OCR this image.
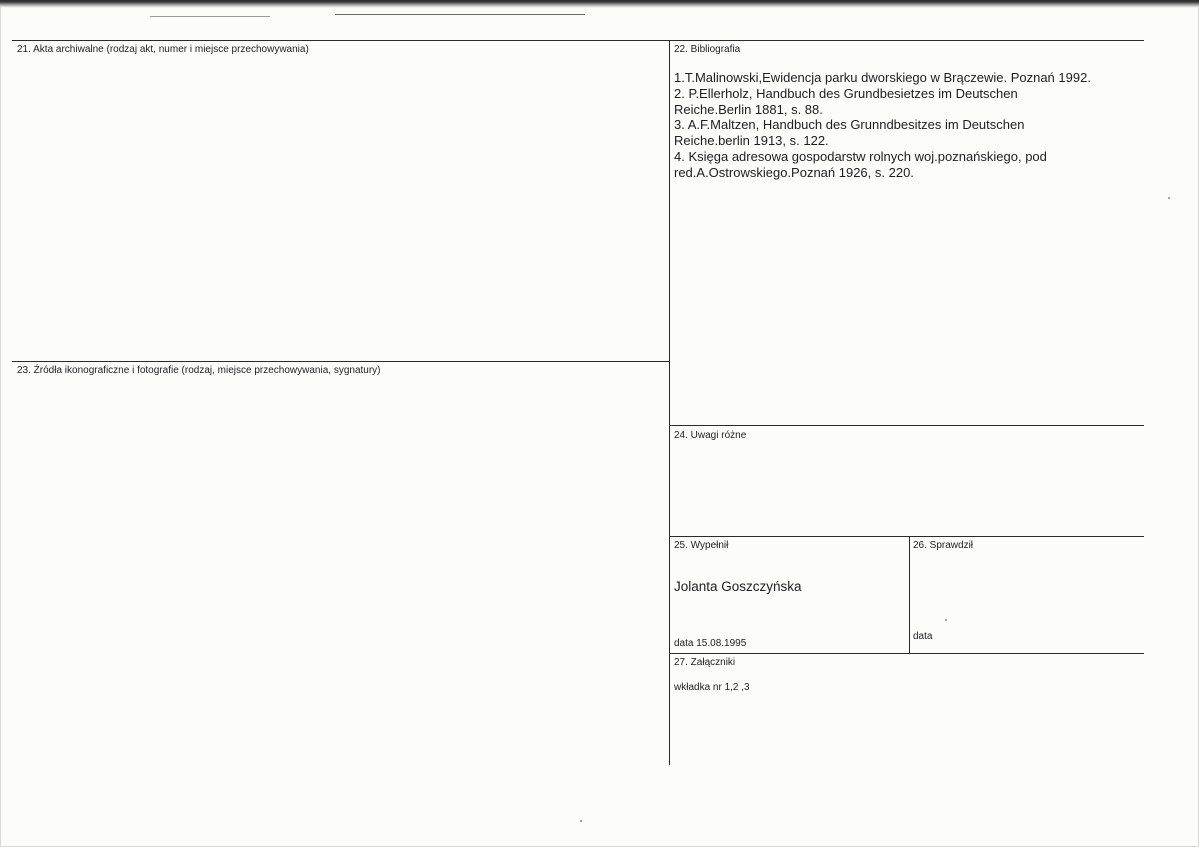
21. Akta archiwalne (rodzaj akt, numer i miejsce przechowywania)	22. Bibliografia

1.T.Malinowski,Ewidencja parku dworskiego w Brączewie. Poznań 1992.

2. P.Ellerholz, Handbuch des Grundbesietzes im Deutschen Reiche.Berlin 1881, s. 88.

3. A.F.Maltzen, Handbuch des Grunndbesitzes im Deutschen Reiche.berlin 1913, s. 122.

4. Księga adresowa gospodarstw rolnych woj.poznańskiego, pod red.A.Ostrowskiego.Poznań 1926, s. 220.

23. Źródła ikonograficzne i fotografie (rodzaj, miejsce przechowywania, sygnatury)
24. Uwagi różne
25. Wypełnił
Jolanta Goszczyńska
data 15.08.1995
26. Sprawdził
data
27. Załączniki
wkładka nr 1,2 ,3
